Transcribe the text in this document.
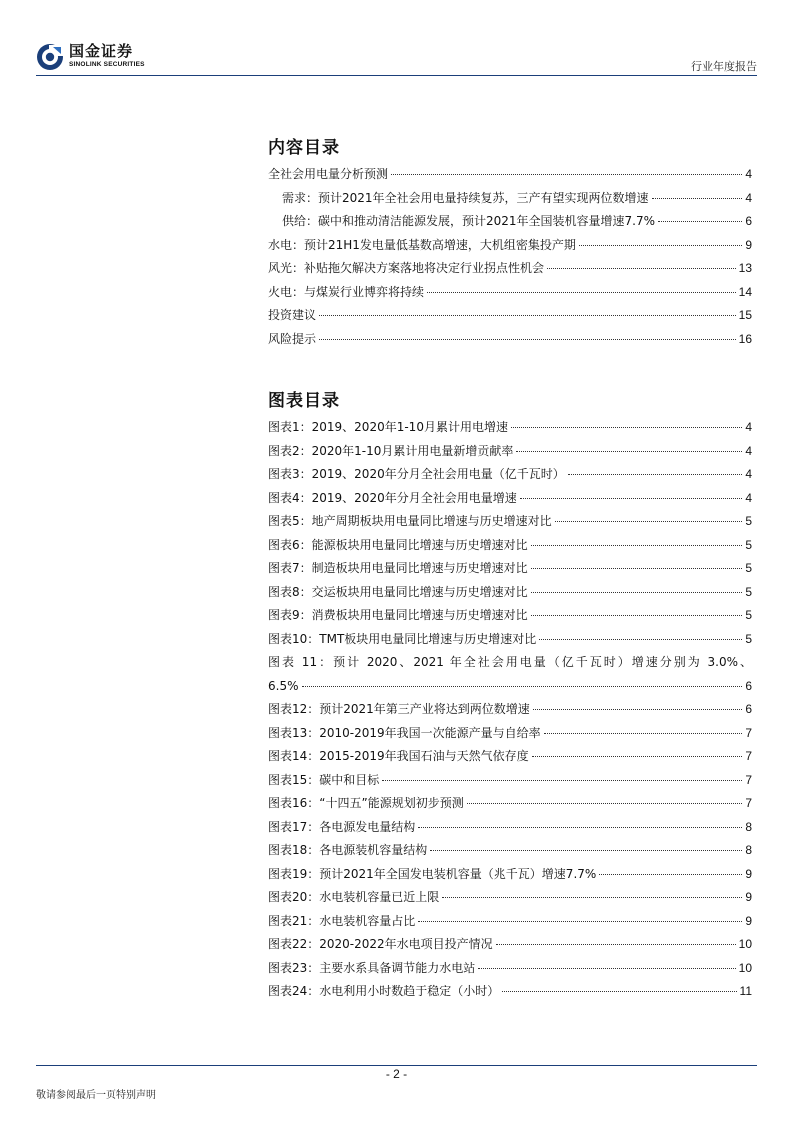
国金证券
SINOLINK SECURITIES	行业年度报告
内容目录
全社会用电量分析预测	4
需求：预计2021年全社会用电量持续复苏，三产有望实现两位数增速	4
供给：碳中和推动清洁能源发展，预计2021年全国装机容量增速7.7%	6
水电：预计21H1发电量低基数高增速，大机组密集投产期	9
风光：补贴拖欠解决方案落地将决定行业拐点性机会	13
火电：与煤炭行业博弈将持续	14
投资建议	15
风险提示	16
图表目录
图表1：2019、2020年1-10月累计用电增速	4
图表2：2020年1-10月累计用电量新增贡献率	4
图表3：2019、2020年分月全社会用电量（亿千瓦时）	4
图表4：2019、2020年分月全社会用电量增速	4
图表5：地产周期板块用电量同比增速与历史增速对比	5
图表6：能源板块用电量同比增速与历史增速对比	5
图表7：制造板块用电量同比增速与历史增速对比	5
图表8：交运板块用电量同比增速与历史增速对比	5
图表9：消费板块用电量同比增速与历史增速对比	5
图表10：TMT板块用电量同比增速与历史增速对比	5
图表 11：预计 2020、2021 年全社会用电量（亿千瓦时）增速分别为 3.0%、
6.5%	6
图表12：预计2021年第三产业将达到两位数增速	6
图表13：2010-2019年我国一次能源产量与自给率	7
图表14：2015-2019年我国石油与天然气依存度	7
图表15：碳中和目标	7
图表16：“十四五”能源规划初步预测	7
图表17：各电源发电量结构	8
图表18：各电源装机容量结构	8
图表19：预计2021年全国发电装机容量（兆千瓦）增速7.7%	9
图表20：水电装机容量已近上限	9
图表21：水电装机容量占比	9
图表22：2020-2022年水电项目投产情况	10
图表23：主要水系具备调节能力水电站	10
图表24：水电利用小时数趋于稳定（小时）	11
- 2 -
敬请参阅最后一页特别声明
